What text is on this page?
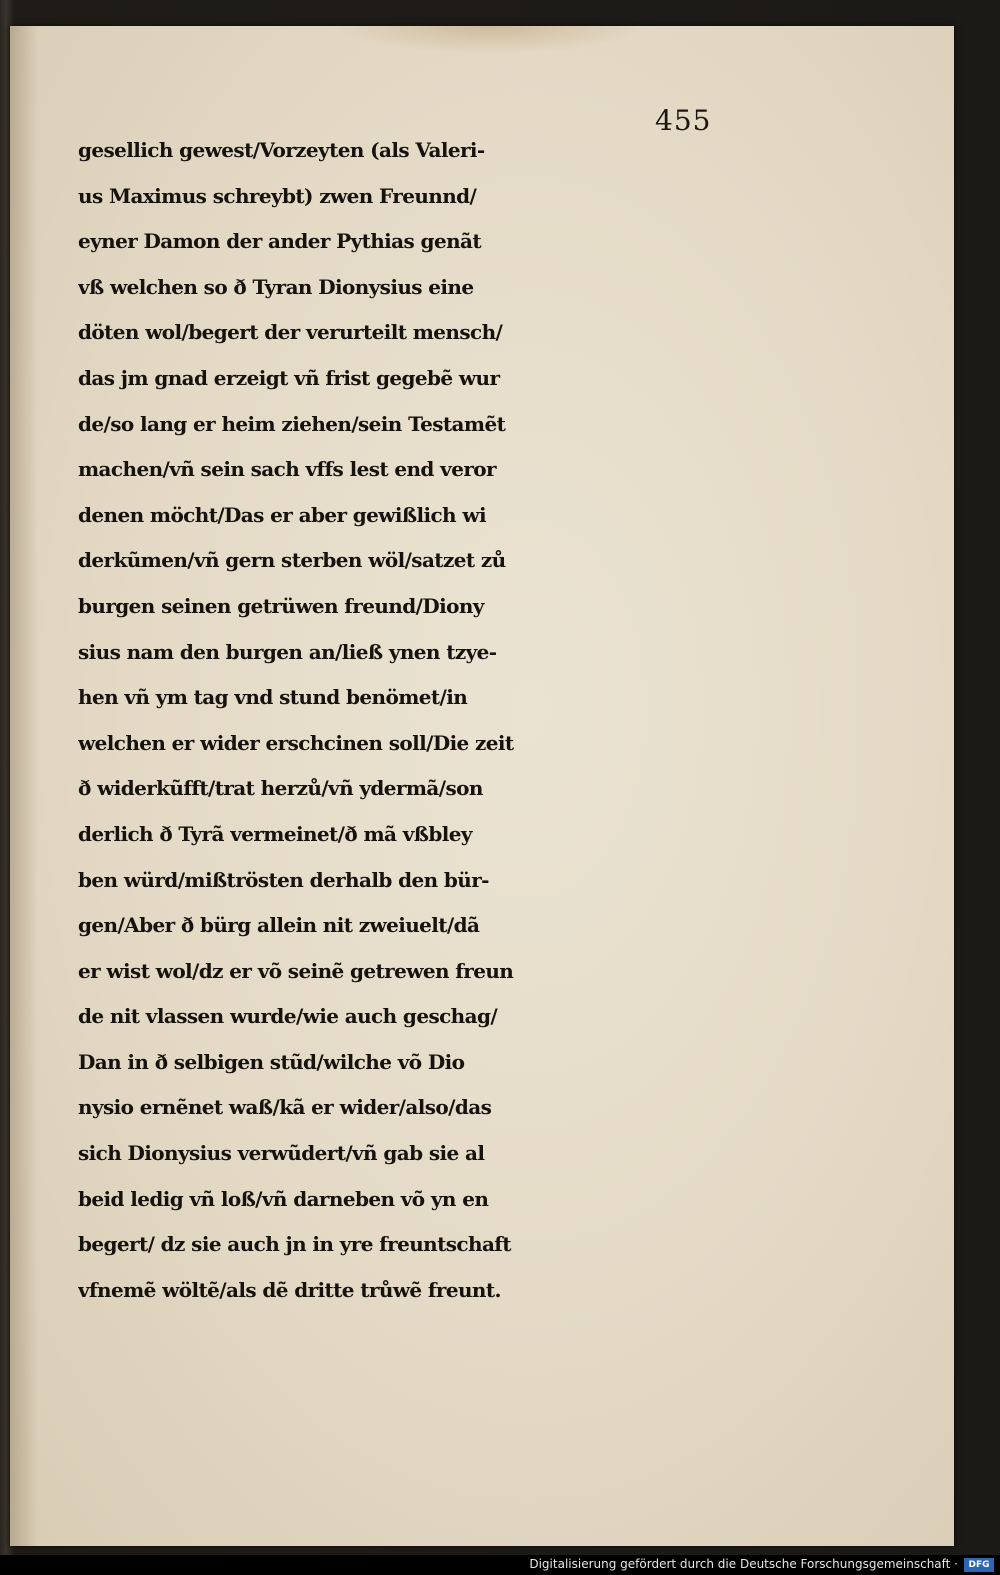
455
gesellich gewest/Vorzeyten (als Valeri-
us Maximus schreybt) zwen Freunnd/
eyner Damon der ander Pythias genãt
vß welchen so ð Tyran Dionysius eine
döten wol/begert der verurteilt mensch/
das jm gnad erzeigt vñ frist gegebẽ wur
de/so lang er heim ziehen/sein Testamẽt
machen/vñ sein sach vffs lest end veror
denen möcht/Das er aber gewißlich wi
derkũmen/vñ gern sterben wöl/satzet zů
burgen seinen getrüwen freund/Diony
sius nam den burgen an/ließ ynen tzye-
hen vñ ym tag vnd stund benömet/in
welchen er wider erschcinen soll/Die zeit
ð widerkũfft/trat herzů/vñ ydermã/son
derlich ð Tyrã vermeinet/ð mã vßbley
ben würd/mißtrösten derhalb den bür-
gen/Aber ð bürg allein nit zweiuelt/dã
er wist wol/dz er võ seinẽ getrewen freun
de nit vlassen wurde/wie auch geschag/
Dan in ð selbigen stũd/wilche võ Dio
nysio ernẽnet waß/kã er wider/also/das
sich Dionysius verwũdert/vñ gab sie al
beid ledig vñ loß/vñ darneben võ yn en
begert/ dz sie auch jn in yre freuntschaft
vfnemẽ wöltẽ/als dẽ dritte trůwẽ freunt.
Digitalisierung gefördert durch die Deutsche Forschungsgemeinschaft ·	DFG
